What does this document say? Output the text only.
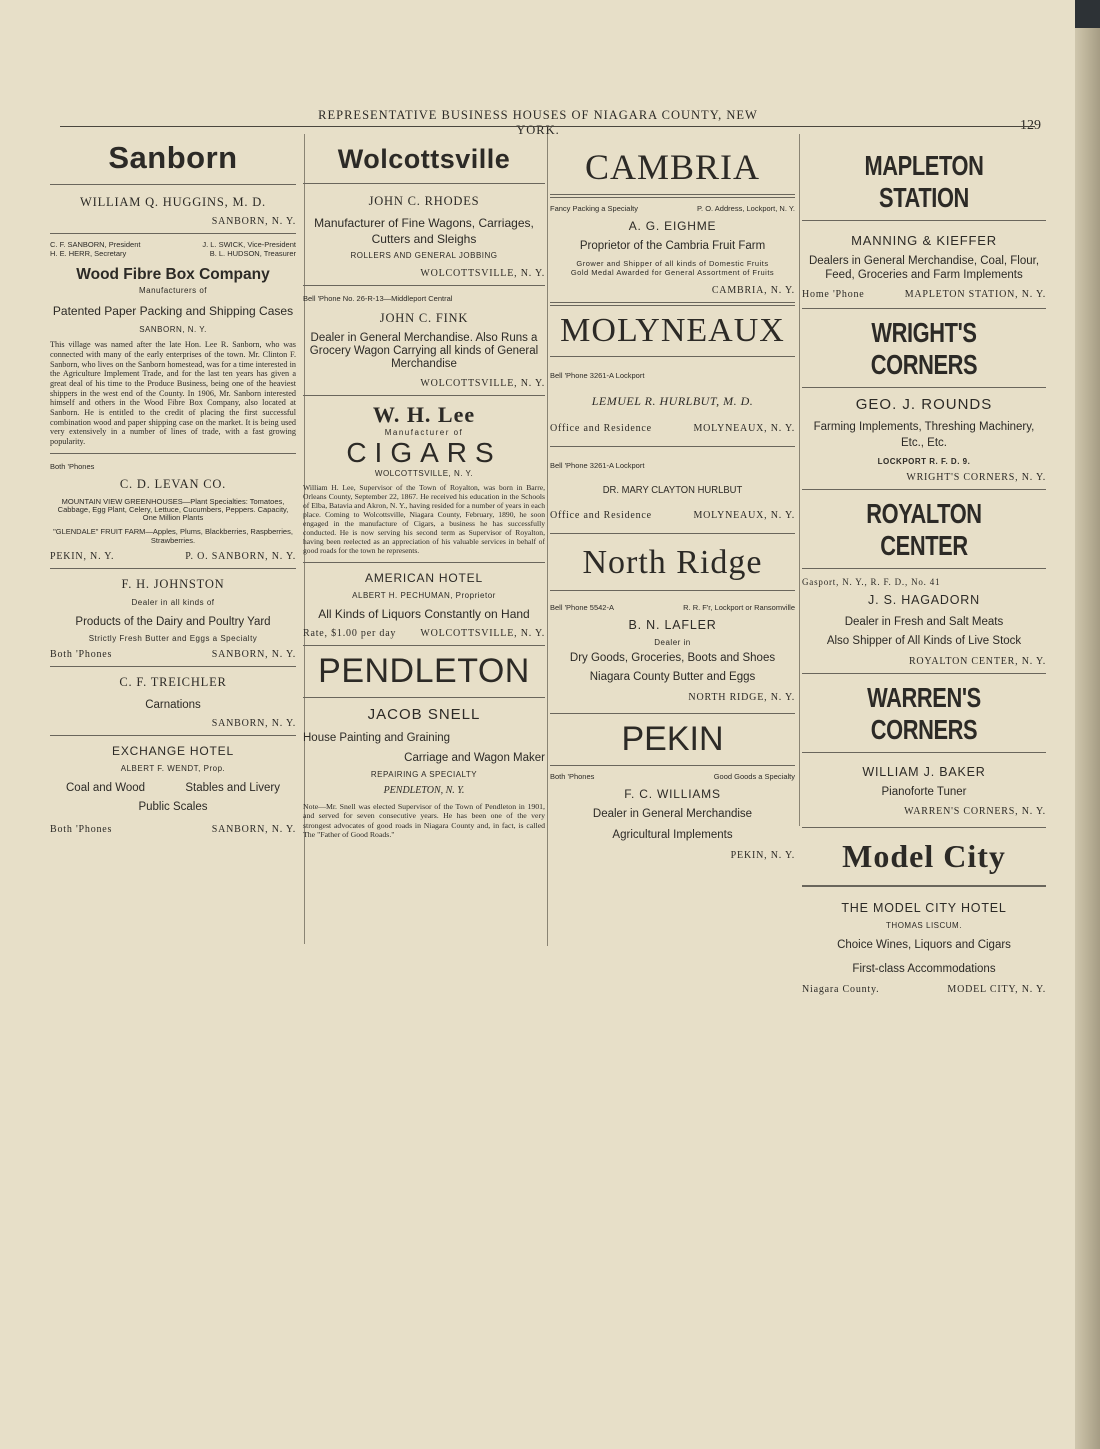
REPRESENTATIVE BUSINESS HOUSES OF NIAGARA COUNTY, NEW YORK.	129
Sanborn
WILLIAM Q. HUGGINS, M. D.
SANBORN, N. Y.
C. F. SANBORN, President	J. L. SWICK, Vice-President
H. E. HERR, Secretary	B. L. HUDSON, Treasurer
Wood Fibre Box Company
Manufacturers of
Patented Paper Packing and Shipping Cases
SANBORN, N. Y.
This village was named after the late Hon. Lee R. Sanborn, who was connected with many of the early enterprises of the town. Mr. Clinton F. Sanborn, who lives on the Sanborn homestead, was for a time interested in the Agriculture Implement Trade, and for the last ten years has given a great deal of his time to the Produce Business, being one of the heaviest shippers in the west end of the County. In 1906, Mr. Sanborn interested himself and others in the Wood Fibre Box Company, also located at Sanborn. He is entitled to the credit of placing the first successful combination wood and paper shipping case on the market. It is being used very extensively in a number of lines of trade, with a fast growing popularity.
Both 'Phones
C. D. LEVAN CO.
MOUNTAIN VIEW GREENHOUSES—Plant Specialties: Tomatoes, Cabbage, Egg Plant, Celery, Lettuce, Cucumbers, Peppers. Capacity, One Million Plants
"GLENDALE" FRUIT FARM—Apples, Plums, Blackberries, Raspberries, Strawberries.
PEKIN, N. Y.	P. O. SANBORN, N. Y.
F. H. JOHNSTON
Dealer in all kinds of
Products of the Dairy and Poultry Yard
Strictly Fresh Butter and Eggs a Specialty
Both 'Phones	SANBORN, N. Y.
C. F. TREICHLER
Carnations
SANBORN, N. Y.
EXCHANGE HOTEL
ALBERT F. WENDT, Prop.
Coal and Wood	Stables and Livery
Public Scales
Both 'Phones	SANBORN, N. Y.
Wolcottsville
JOHN C. RHODES
Manufacturer of Fine Wagons, Carriages, Cutters and Sleighs
ROLLERS AND GENERAL JOBBING
WOLCOTTSVILLE, N. Y.
Bell 'Phone No. 26-R-13—Middleport Central
JOHN C. FINK
Dealer in General Merchandise. Also Runs a Grocery Wagon Carrying all kinds of General Merchandise
WOLCOTTSVILLE, N. Y.
W. H. Lee
Manufacturer of
CIGARS
WOLCOTTSVILLE, N. Y.
William H. Lee, Supervisor of the Town of Royalton, was born in Barre, Orleans County, September 22, 1867. He received his education in the Schools of Elba, Batavia and Akron, N. Y., having resided for a number of years in each place. Coming to Wolcottsville, Niagara County, February, 1890, he soon engaged in the manufacture of Cigars, a business he has successfully conducted. He is now serving his second term as Supervisor of Royalton, having been reelected as an appreciation of his valuable services in behalf of good roads for the town he represents.
AMERICAN HOTEL
ALBERT H. PECHUMAN, Proprietor
All Kinds of Liquors Constantly on Hand
Rate, $1.00 per day WOLCOTTSVILLE, N. Y.
PENDLETON
JACOB SNELL
House Painting and Graining
Carriage and Wagon Maker
REPAIRING A SPECIALTY
PENDLETON, N. Y.
Note—Mr. Snell was elected Supervisor of the Town of Pendleton in 1901, and served for seven consecutive years. He has been one of the very strongest advocates of good roads in Niagara County and, in fact, is called The "Father of Good Roads."
CAMBRIA
Fancy Packing a Specialty	P. O. Address, Lockport, N. Y.
A. G. EIGHME
Proprietor of the Cambria Fruit Farm
Grower and Shipper of all kinds of Domestic Fruits
Gold Medal Awarded for General Assortment of Fruits
CAMBRIA, N. Y.
MOLYNEAUX
Bell 'Phone 3261-A Lockport
LEMUEL R. HURLBUT, M. D.
Office and Residence	MOLYNEAUX, N. Y.
Bell 'Phone 3261-A Lockport
DR. MARY CLAYTON HURLBUT
Office and Residence	MOLYNEAUX, N. Y.
North Ridge
Bell 'Phone 5542-A	R. R. F'r, Lockport or Ransomville
B. N. LAFLER
Dealer in
Dry Goods, Groceries, Boots and Shoes
Niagara County Butter and Eggs
NORTH RIDGE, N. Y.
PEKIN
Both 'Phones	Good Goods a Specialty
F. C. WILLIAMS
Dealer in General Merchandise
Agricultural Implements
PEKIN, N. Y.
MAPLETON STATION
MANNING & KIEFFER
Dealers in General Merchandise, Coal, Flour, Feed, Groceries and Farm Implements
Home 'Phone	MAPLETON STATION, N. Y.
WRIGHT'S CORNERS
GEO. J. ROUNDS
Farming Implements, Threshing Machinery, Etc., Etc.
LOCKPORT R. F. D. 9.
WRIGHT'S CORNERS, N. Y.
ROYALTON CENTER
Gasport, N. Y., R. F. D., No. 41
J. S. HAGADORN
Dealer in Fresh and Salt Meats
Also Shipper of All Kinds of Live Stock
ROYALTON CENTER, N. Y.
WARREN'S CORNERS
WILLIAM J. BAKER
Pianoforte Tuner
WARREN'S CORNERS, N. Y.
Model City
THE MODEL CITY HOTEL
THOMAS LISCUM.
Choice Wines, Liquors and Cigars
First-class Accommodations
Niagara County.	MODEL CITY, N. Y.
